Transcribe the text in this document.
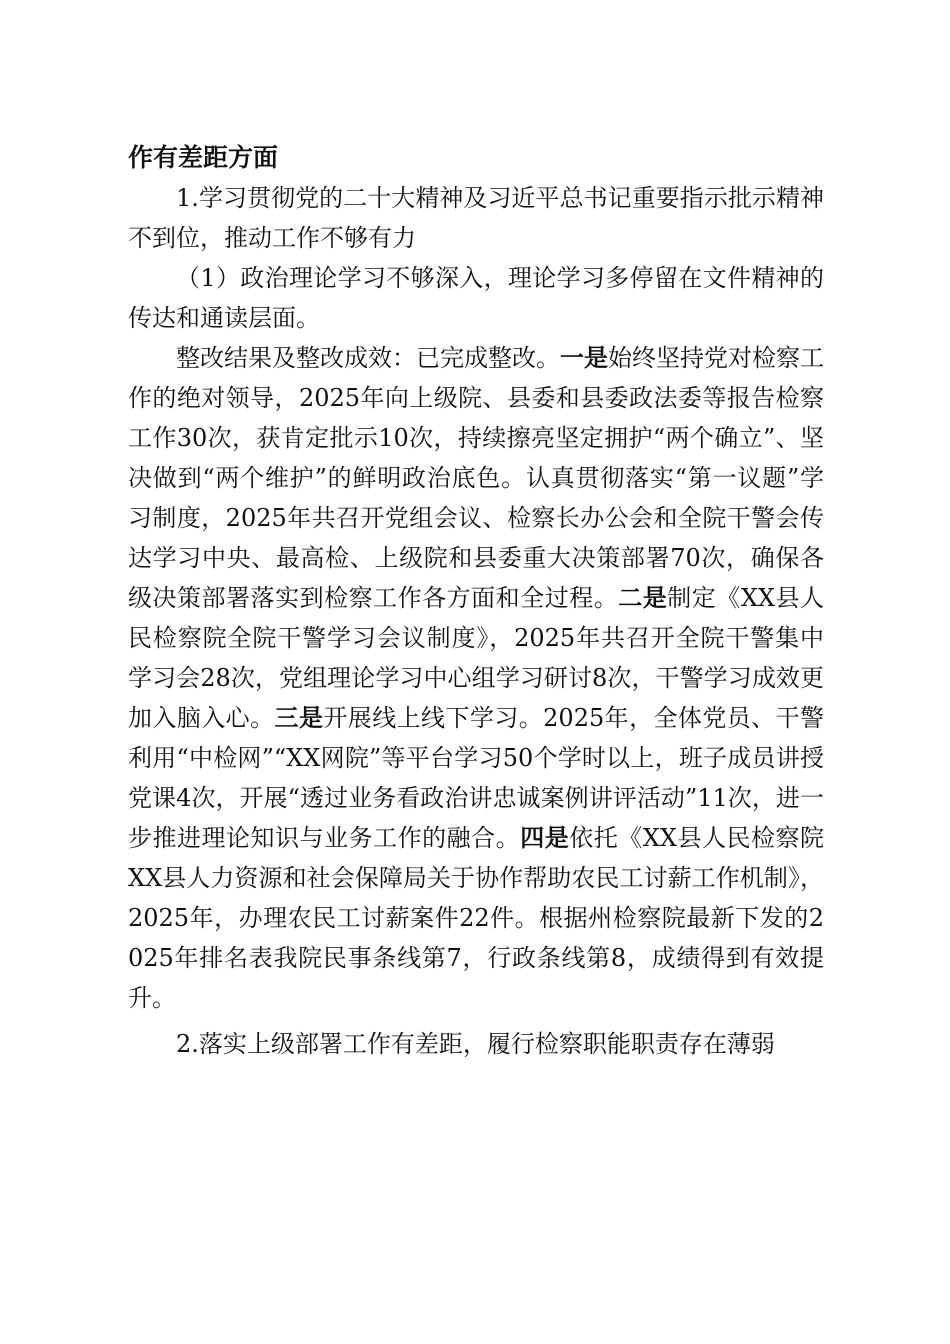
作有差距方面

1.学习贯彻党的二十大精神及习近平总书记重要指示批示精神不到位，推动工作不够有力

（1）政治理论学习不够深入，理论学习多停留在文件精神的传达和通读层面。

整改结果及整改成效：已完成整改。一是始终坚持党对检察工作的绝对领导，2025年向上级院、县委和县委政法委等报告检察工作30次，获肯定批示10次，持续擦亮坚定拥护“两个确立”、坚决做到“两个维护”的鲜明政治底色。认真贯彻落实“第一议题”学习制度，2025年共召开党组会议、检察长办公会和全院干警会传达学习中央、最高检、上级院和县委重大决策部署70次，确保各级决策部署落实到检察工作各方面和全过程。二是制定《XX县人民检察院全院干警学习会议制度》，2025年共召开全院干警集中学习会28次，党组理论学习中心组学习研讨8次，干警学习成效更加入脑入心。三是开展线上线下学习。2025年，全体党员、干警利用“中检网”“XX网院”等平台学习50个学时以上，班子成员讲授党课4次，开展“透过业务看政治讲忠诚案例讲评活动”11次，进一步推进理论知识与业务工作的融合。四是依托《XX县人民检察院 XX县人力资源和社会保障局关于协作帮助农民工讨薪工作机制》，2025年，办理农民工讨薪案件22件。根据州检察院最新下发的2025年排名表我院民事条线第7，行政条线第8，成绩得到有效提升。

2.落实上级部署工作有差距，履行检察职能职责存在薄弱
